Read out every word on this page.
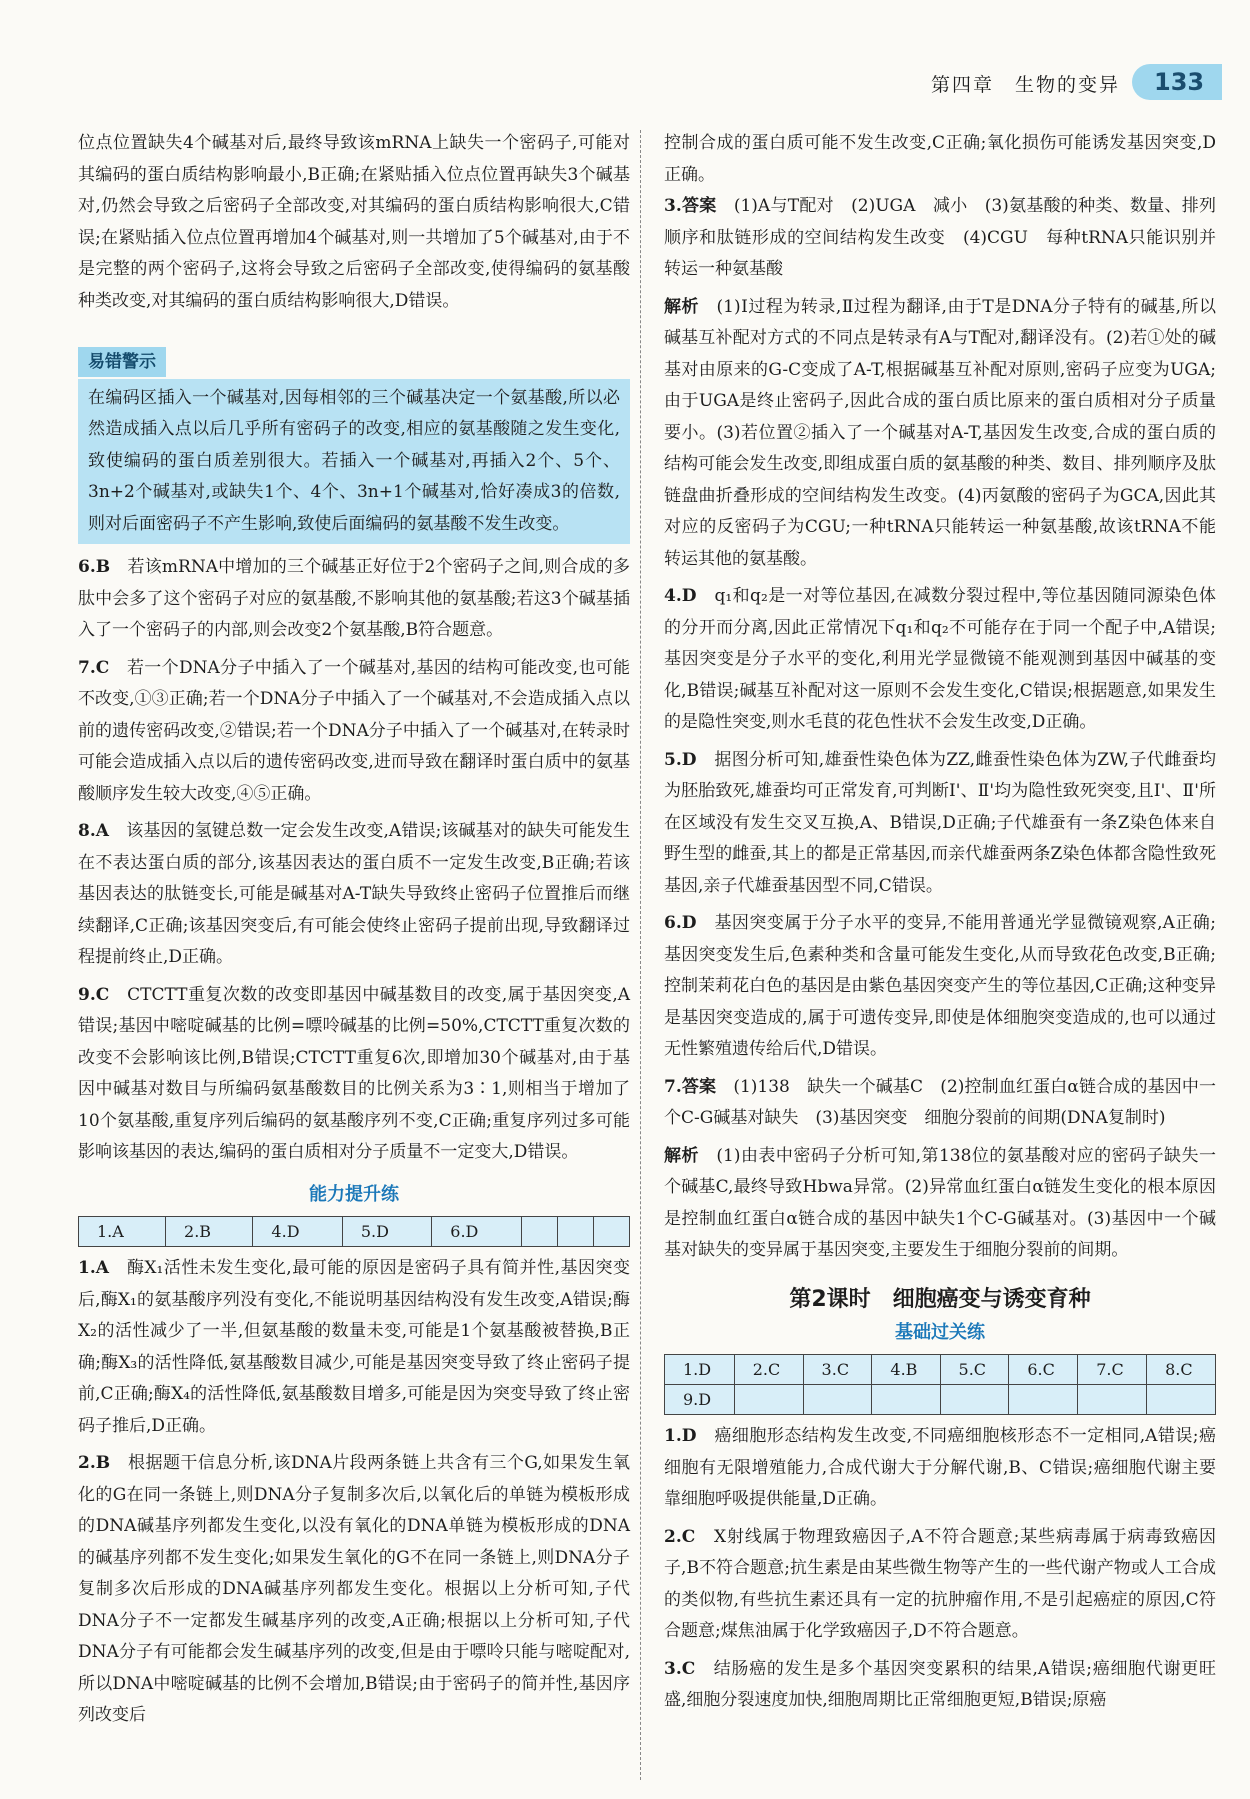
第四章　生物的变异	133

位点位置缺失4个碱基对后,最终导致该mRNA上缺失一个密码子,可能对其编码的蛋白质结构影响最小,B正确;在紧贴插入位点位置再缺失3个碱基对,仍然会导致之后密码子全部改变,对其编码的蛋白质结构影响很大,C错误;在紧贴插入位点位置再增加4个碱基对,则一共增加了5个碱基对,由于不是完整的两个密码子,这将会导致之后密码子全部改变,使得编码的氨基酸种类改变,对其编码的蛋白质结构影响很大,D错误。

易错警示

在编码区插入一个碱基对,因每相邻的三个碱基决定一个氨基酸,所以必然造成插入点以后几乎所有密码子的改变,相应的氨基酸随之发生变化,致使编码的蛋白质差别很大。若插入一个碱基对,再插入2个、5个、3n+2个碱基对,或缺失1个、4个、3n+1个碱基对,恰好凑成3的倍数,则对后面密码子不产生影响,致使后面编码的氨基酸不发生改变。

6.B　 若该mRNA中增加的三个碱基正好位于2个密码子之间,则合成的多肽中会多了这个密码子对应的氨基酸,不影响其他的氨基酸;若这3个碱基插入了一个密码子的内部,则会改变2个氨基酸,B符合题意。

7.C　 若一个DNA分子中插入了一个碱基对,基因的结构可能改变,也可能不改变,①③正确;若一个DNA分子中插入了一个碱基对,不会造成插入点以前的遗传密码改变,②错误;若一个DNA分子中插入了一个碱基对,在转录时可能会造成插入点以后的遗传密码改变,进而导致在翻译时蛋白质中的氨基酸顺序发生较大改变,④⑤正确。

8.A　 该基因的氢键总数一定会发生改变,A错误;该碱基对的缺失可能发生在不表达蛋白质的部分,该基因表达的蛋白质不一定发生改变,B正确;若该基因表达的肽链变长,可能是碱基对A-T缺失导致终止密码子位置推后而继续翻译,C正确;该基因突变后,有可能会使终止密码子提前出现,导致翻译过程提前终止,D正确。

9.C　 CTCTT重复次数的改变即基因中碱基数目的改变,属于基因突变,A错误;基因中嘧啶碱基的比例=嘌呤碱基的比例=50%,CTCTT重复次数的改变不会影响该比例,B错误;CTCTT重复6次,即增加30个碱基对,由于基因中碱基对数目与所编码氨基酸数目的比例关系为3∶1,则相当于增加了10个氨基酸,重复序列后编码的氨基酸序列不变,C正确;重复序列过多可能影响该基因的表达,编码的蛋白质相对分子质量不一定变大,D错误。

能力提升练
1.A	2.B	4.D	5.D	6.D			

1.A　 酶X₁活性未发生变化,最可能的原因是密码子具有简并性,基因突变后,酶X₁的氨基酸序列没有变化,不能说明基因结构没有发生改变,A错误;酶X₂的活性减少了一半,但氨基酸的数量未变,可能是1个氨基酸被替换,B正确;酶X₃的活性降低,氨基酸数目减少,可能是基因突变导致了终止密码子提前,C正确;酶X₄的活性降低,氨基酸数目增多,可能是因为突变导致了终止密码子推后,D正确。

2.B　 根据题干信息分析,该DNA片段两条链上共含有三个G,如果发生氧化的G在同一条链上,则DNA分子复制多次后,以氧化后的单链为模板形成的DNA碱基序列都发生变化,以没有氧化的DNA单链为模板形成的DNA的碱基序列都不发生变化;如果发生氧化的G不在同一条链上,则DNA分子复制多次后形成的DNA碱基序列都发生变化。根据以上分析可知,子代DNA分子不一定都发生碱基序列的改变,A正确;根据以上分析可知,子代DNA分子有可能都会发生碱基序列的改变,但是由于嘌呤只能与嘧啶配对,所以DNA中嘧啶碱基的比例不会增加,B错误;由于密码子的简并性,基因序列改变后

控制合成的蛋白质可能不发生改变,C正确;氧化损伤可能诱发基因突变,D正确。

3.答案　 (1)A与T配对　(2)UGA　减小　(3)氨基酸的种类、数量、排列顺序和肽链形成的空间结构发生改变　(4)CGU　每种tRNA只能识别并转运一种氨基酸

解析　 (1)Ⅰ过程为转录,Ⅱ过程为翻译,由于T是DNA分子特有的碱基,所以碱基互补配对方式的不同点是转录有A与T配对,翻译没有。(2)若①处的碱基对由原来的G-C变成了A-T,根据碱基互补配对原则,密码子应变为UGA;由于UGA是终止密码子,因此合成的蛋白质比原来的蛋白质相对分子质量要小。(3)若位置②插入了一个碱基对A-T,基因发生改变,合成的蛋白质的结构可能会发生改变,即组成蛋白质的氨基酸的种类、数目、排列顺序及肽链盘曲折叠形成的空间结构发生改变。(4)丙氨酸的密码子为GCA,因此其对应的反密码子为CGU;一种tRNA只能转运一种氨基酸,故该tRNA不能转运其他的氨基酸。

4.D　 q₁和q₂是一对等位基因,在减数分裂过程中,等位基因随同源染色体的分开而分离,因此正常情况下q₁和q₂不可能存在于同一个配子中,A错误;基因突变是分子水平的变化,利用光学显微镜不能观测到基因中碱基的变化,B错误;碱基互补配对这一原则不会发生变化,C错误;根据题意,如果发生的是隐性突变,则水毛茛的花色性状不会发生改变,D正确。

5.D　 据图分析可知,雄蚕性染色体为ZZ,雌蚕性染色体为ZW,子代雌蚕均为胚胎致死,雄蚕均可正常发育,可判断Ⅰ'、Ⅱ'均为隐性致死突变,且Ⅰ'、Ⅱ'所在区域没有发生交叉互换,A、B错误,D正确;子代雄蚕有一条Z染色体来自野生型的雌蚕,其上的都是正常基因,而亲代雄蚕两条Z染色体都含隐性致死基因,亲子代雄蚕基因型不同,C错误。

6.D　 基因突变属于分子水平的变异,不能用普通光学显微镜观察,A正确;基因突变发生后,色素种类和含量可能发生变化,从而导致花色改变,B正确;控制茉莉花白色的基因是由紫色基因突变产生的等位基因,C正确;这种变异是基因突变造成的,属于可遗传变异,即使是体细胞突变造成的,也可以通过无性繁殖遗传给后代,D错误。

7.答案　 (1)138　缺失一个碱基C　(2)控制血红蛋白α链合成的基因中一个C-G碱基对缺失　(3)基因突变　细胞分裂前的间期(DNA复制时)

解析　 (1)由表中密码子分析可知,第138位的氨基酸对应的密码子缺失一个碱基C,最终导致Hbwa异常。(2)异常血红蛋白α链发生变化的根本原因是控制血红蛋白α链合成的基因中缺失1个C-G碱基对。(3)基因中一个碱基对缺失的变异属于基因突变,主要发生于细胞分裂前的间期。

第2课时　细胞癌变与诱变育种
基础过关练
1.D	2.C	3.C	4.B	5.C	6.C	7.C	8.C
9.D							

1.D　 癌细胞形态结构发生改变,不同癌细胞核形态不一定相同,A错误;癌细胞有无限增殖能力,合成代谢大于分解代谢,B、C错误;癌细胞代谢主要靠细胞呼吸提供能量,D正确。

2.C　 X射线属于物理致癌因子,A不符合题意;某些病毒属于病毒致癌因子,B不符合题意;抗生素是由某些微生物等产生的一些代谢产物或人工合成的类似物,有些抗生素还具有一定的抗肿瘤作用,不是引起癌症的原因,C符合题意;煤焦油属于化学致癌因子,D不符合题意。

3.C　 结肠癌的发生是多个基因突变累积的结果,A错误;癌细胞代谢更旺盛,细胞分裂速度加快,细胞周期比正常细胞更短,B错误;原癌
